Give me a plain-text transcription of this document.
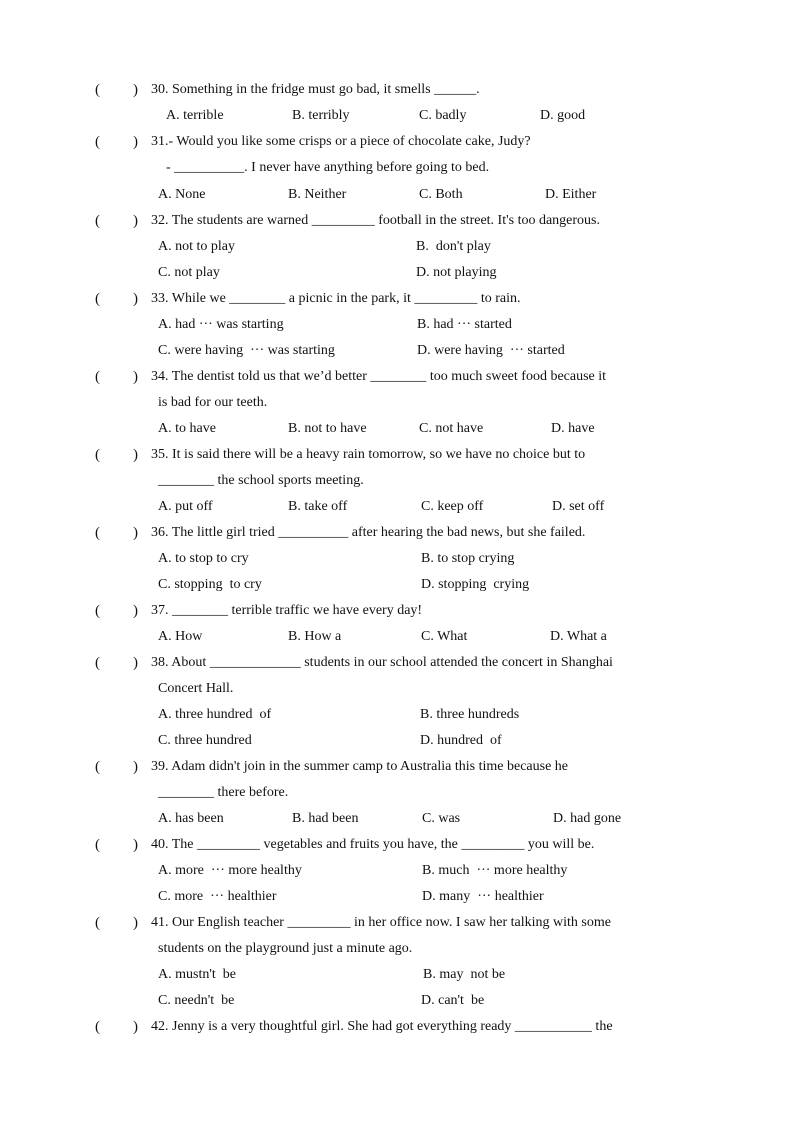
( ) 30. Something in the fridge must go bad, it smells ______.
A. terrible	B. terribly	C. badly	D. good
( ) 31.- Would you like some crisps or a piece of chocolate cake, Judy?
- __________. I never have anything before going to bed.
A. None	B. Neither	C. Both	D. Either
( ) 32. The students are warned _________ football in the street. It's too dangerous.
A. not to play	B.  don't play
C. not play	D. not playing
( ) 33. While we ________ a picnic in the park, it _________ to rain.
A. had ··· was starting	B. had ··· started
C. were having  ··· was starting	D. were having  ··· started
( ) 34. The dentist told us that we’d better ________ too much sweet food because it
is bad for our teeth.
A. to have	B. not to have	C. not have	D. have
( ) 35. It is said there will be a heavy rain tomorrow, so we have no choice but to
________ the school sports meeting.
A. put off	B. take off	C. keep off	D. set off
( ) 36. The little girl tried __________ after hearing the bad news, but she failed.
A. to stop to cry	B. to stop crying
C. stopping  to cry	D. stopping  crying
( ) 37. ________ terrible traffic we have every day!
A. How	B. How a	C. What	D. What a
( ) 38. About _____________ students in our school attended the concert in Shanghai
Concert Hall.
A. three hundred  of	B. three hundreds
C. three hundred	D. hundred  of
( ) 39. Adam didn't join in the summer camp to Australia this time because he
________ there before.
A. has been	B. had been	C. was	D. had gone
( ) 40. The _________ vegetables and fruits you have, the _________ you will be.
A. more  ··· more healthy	B. much  ··· more healthy
C. more  ··· healthier	D. many  ··· healthier
( ) 41. Our English teacher _________ in her office now. I saw her talking with some
students on the playground just a minute ago.
A. mustn't  be	B. may  not be
C. needn't  be	D. can't  be
( ) 42. Jenny is a very thoughtful girl. She had got everything ready ___________ the
